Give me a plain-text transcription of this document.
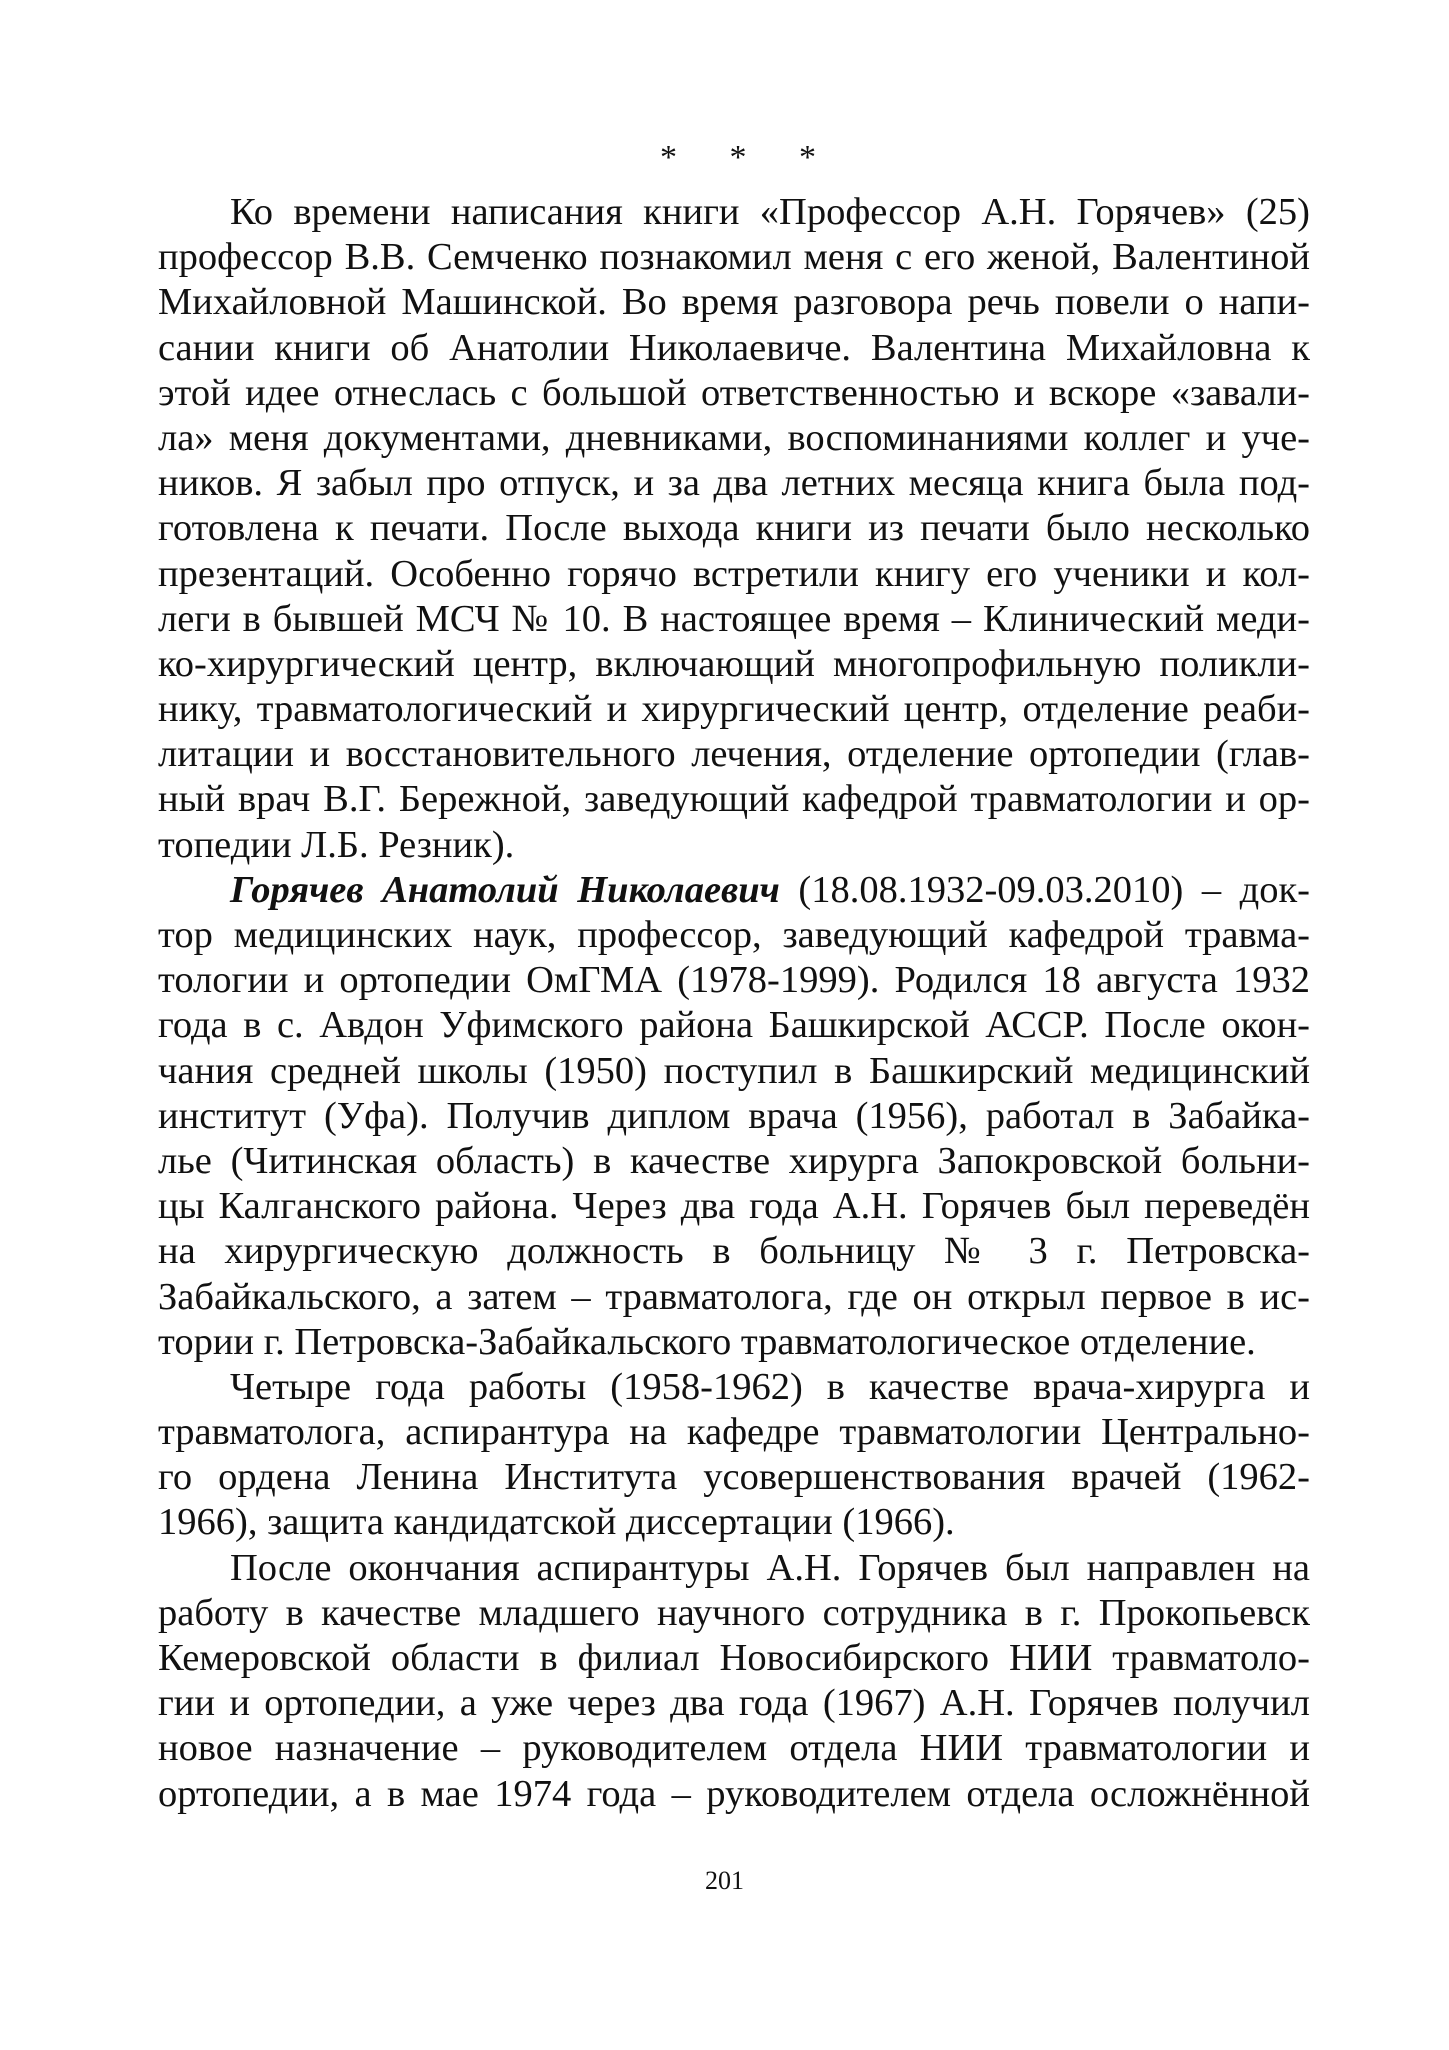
* * *
Ко времени написания книги «Профессор А.Н. Горячев» (25)
профессор В.В. Семченко познакомил меня с его женой, Валентиной
Михайловной Машинской. Во время разговора речь повели о напи-
сании книги об Анатолии Николаевиче. Валентина Михайловна к
этой идее отнеслась с большой ответственностью и вскоре «завали-
ла» меня документами, дневниками, воспоминаниями коллег и уче-
ников. Я забыл про отпуск, и за два летних месяца книга была под-
готовлена к печати. После выхода книги из печати было несколько
презентаций. Особенно горячо встретили книгу его ученики и кол-
леги в бывшей МСЧ № 10. В настоящее время – Клинический меди-
ко-хирургический центр, включающий многопрофильную поликли-
нику, травматологический и хирургический центр, отделение реаби-
литации и восстановительного лечения, отделение ортопедии (глав-
ный врач В.Г. Бережной, заведующий кафедрой травматологии и ор-
топедии Л.Б. Резник).
Горячев Анатолий Николаевич (18.08.1932-09.03.2010) – док-
тор медицинских наук, профессор, заведующий кафедрой травма-
тологии и ортопедии ОмГМА (1978-1999). Родился 18 августа 1932
года в с. Авдон Уфимского района Башкирской АССР. После окон-
чания средней школы (1950) поступил в Башкирский медицинский
институт (Уфа). Получив диплом врача (1956), работал в Забайка-
лье (Читинская область) в качестве хирурга Запокровской больни-
цы Калганского района. Через два года А.Н. Горячев был переведён
на хирургическую должность в больницу № 3 г. Петровска-
Забайкальского, а затем – травматолога, где он открыл первое в ис-
тории г. Петровска-Забайкальского травматологическое отделение.
Четыре года работы (1958-1962) в качестве врача-хирурга и
травматолога, аспирантура на кафедре травматологии Центрально-
го ордена Ленина Института усовершенствования врачей (1962-
1966), защита кандидатской диссертации (1966).
После окончания аспирантуры А.Н. Горячев был направлен на
работу в качестве младшего научного сотрудника в г. Прокопьевск
Кемеровской области в филиал Новосибирского НИИ травматоло-
гии и ортопедии, а уже через два года (1967) А.Н. Горячев получил
новое назначение – руководителем отдела НИИ травматологии и
ортопедии, а в мае 1974 года – руководителем отдела осложнённой
201
